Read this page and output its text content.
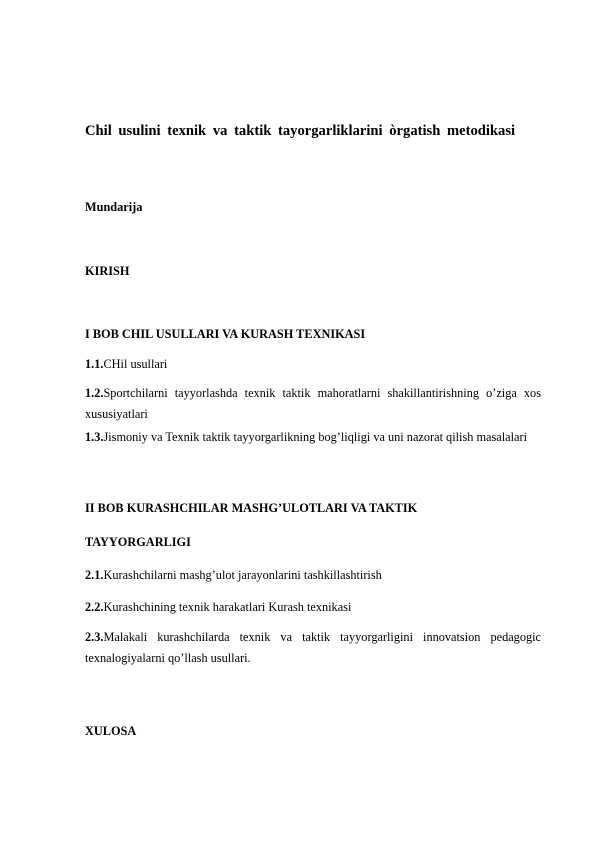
Chil usulini texnik va taktik tayorgarliklarini òrgatish metodikasi
Mundarija
KIRISH
I BOB CHIL USULLARI VA KURASH TEXNIKASI
1.1.CHil usullari
1.2.Sportchilarni tayyorlashda texnik taktik mahoratlarni shakillantirishning o’ziga xos xususiyatlari
1.3.Jismoniy va Texnik taktik tayyorgarlikning bog’liqligi va uni nazorat qilish masalalari
II BOB KURASHCHILAR MASHG’ULOTLARI VA TAKTIK
TAYYORGARLIGI
2.1.Kurashchilarni mashg’ulot jarayonlarini tashkillashtirish
2.2.Kurashchining texnik harakatlari Kurash texnikasi
2.3.Malakali kurashchilarda texnik va taktik tayyorgarligini innovatsion pedagogic texnalogiyalarni qo’llash usullari.
XULOSA
